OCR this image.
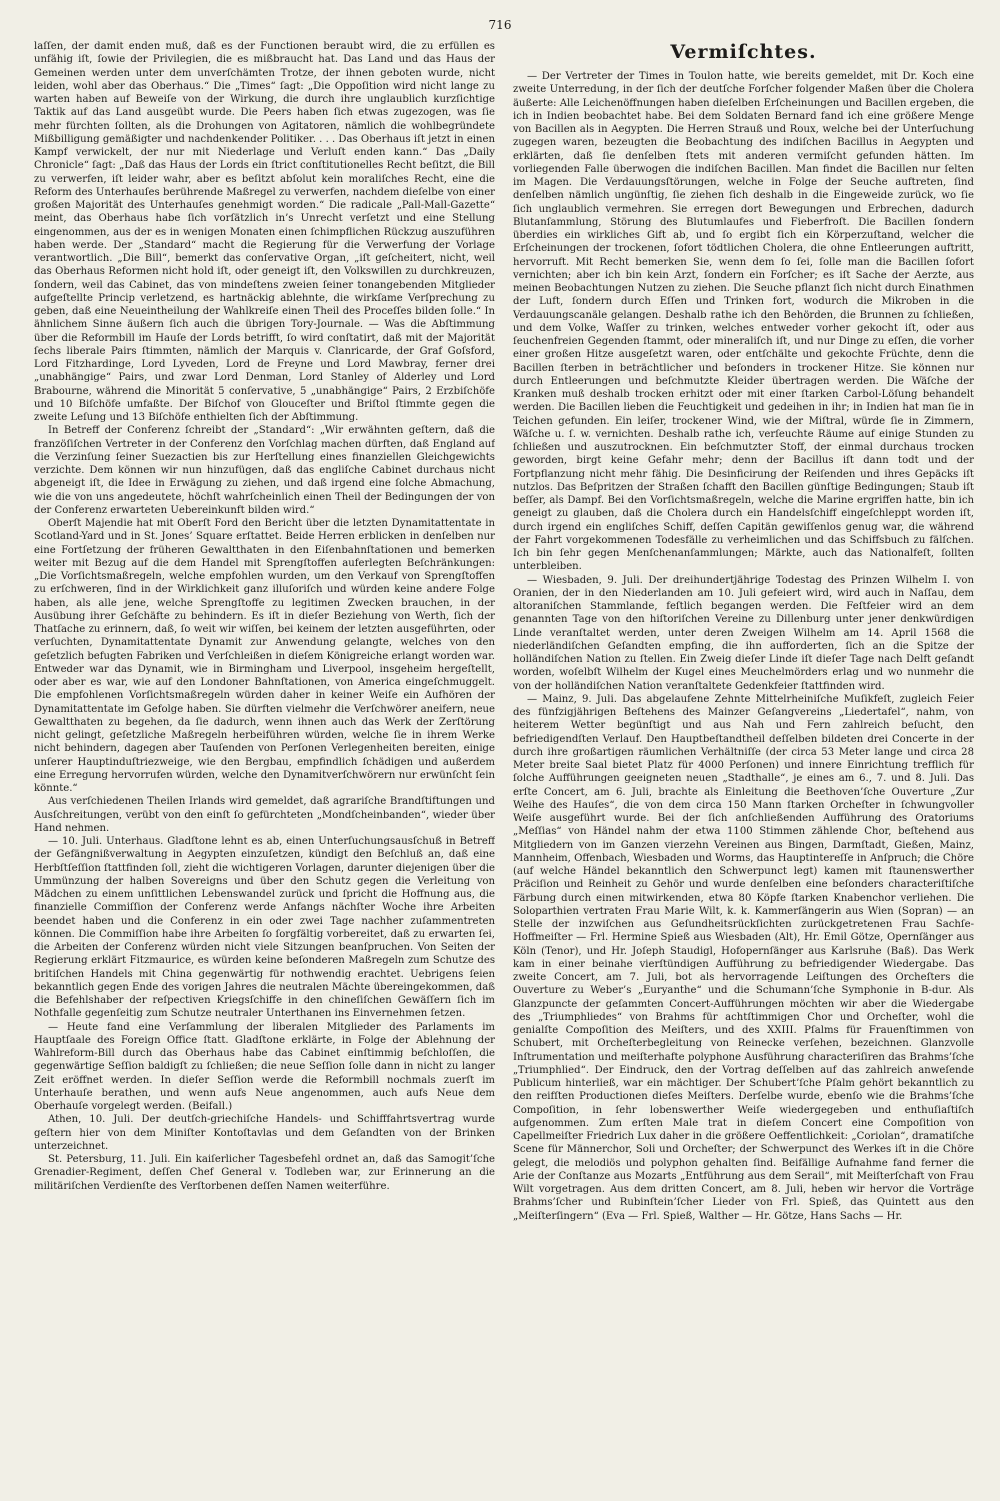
716

laſſen, der damit enden muß, daß es der Functionen beraubt wird, die zu erfüllen es unfähig iſt, ſowie der Privilegien, die es mißbraucht hat. Das Land und das Haus der Gemeinen werden unter dem unverſchämten Trotze, der ihnen geboten wurde, nicht leiden, wohl aber das Oberhaus.“ Die „Times“ ſagt: „Die Oppoſition wird nicht lange zu warten haben auf Beweiſe von der Wirkung, die durch ihre unglaublich kurzſichtige Taktik auf das Land ausgeübt wurde. Die Peers haben ſich etwas zugezogen, was ſie mehr fürchten ſollten, als die Drohungen von Agitatoren, nämlich die wohlbegründete Mißbilligung gemäßigter und nachdenkender Politiker. . . . Das Oberhaus iſt jetzt in einen Kampf verwickelt, der nur mit Niederlage und Verluſt enden kann.“ Das „Daily Chronicle“ ſagt: „Daß das Haus der Lords ein ſtrict conſtitutionelles Recht beſitzt, die Bill zu verwerfen, iſt leider wahr, aber es beſitzt abſolut kein moraliſches Recht, eine die Reform des Unterhauſes berührende Maßregel zu verwerfen, nachdem dieſelbe von einer großen Majorität des Unterhauſes genehmigt worden.“ Die radicale „Pall-Mall-Gazette“ meint, das Oberhaus habe ſich vorſätzlich in’s Unrecht verſetzt und eine Stellung eingenommen, aus der es in wenigen Monaten einen ſchimpflichen Rückzug auszuführen haben werde. Der „Standard“ macht die Regierung für die Verwerfung der Vorlage verantwortlich. „Die Bill“, bemerkt das conſervative Organ, „iſt geſcheitert, nicht, weil das Oberhaus Reformen nicht hold iſt, oder geneigt iſt, den Volkswillen zu durchkreuzen, ſondern, weil das Cabinet, das von mindeſtens zweien ſeiner tonangebenden Mitglieder aufgeſtellte Princip verletzend, es hartnäckig ablehnte, die wirkſame Verſprechung zu geben, daß eine Neueintheilung der Wahlkreiſe einen Theil des Proceſſes bilden ſolle.“ In ähnlichem Sinne äußern ſich auch die übrigen Tory-Journale. — Was die Abſtimmung über die Reformbill im Hauſe der Lords betrifft, ſo wird conſtatirt, daß mit der Majorität ſechs liberale Pairs ſtimmten, nämlich der Marquis v. Clanricarde, der Graf Goſsford, Lord Fitzhardinge, Lord Lyveden, Lord de Freyne und Lord Mawbray, ferner drei „unabhängige“ Pairs, und zwar Lord Denman, Lord Stanley of Alderley und Lord Brabourne, während die Minorität 5 conſervative, 5 „unabhängige“ Pairs, 2 Erzbiſchöfe und 10 Biſchöfe umfaßte. Der Biſchof von Glouceſter und Briſtol ſtimmte gegen die zweite Leſung und 13 Biſchöfe enthielten ſich der Abſtimmung.

In Betreff der Conferenz ſchreibt der „Standard“: „Wir erwähnten geſtern, daß die franzöſiſchen Vertreter in der Conferenz den Vorſchlag machen dürften, daß England auf die Verzinſung ſeiner Suezactien bis zur Herſtellung eines finanziellen Gleichgewichts verzichte. Dem können wir nun hinzufügen, daß das engliſche Cabinet durchaus nicht abgeneigt iſt, die Idee in Erwägung zu ziehen, und daß irgend eine ſolche Abmachung, wie die von uns angedeutete, höchſt wahrſcheinlich einen Theil der Bedingungen der von der Conferenz erwarteten Uebereinkunft bilden wird.“

Oberſt Majendie hat mit Oberſt Ford den Bericht über die letzten Dynamitattentate in Scotland-Yard und in St. Jones’ Square erſtattet. Beide Herren erblicken in denſelben nur eine Fortſetzung der früheren Gewaltthaten in den Eiſenbahnſtationen und bemerken weiter mit Bezug auf die dem Handel mit Sprengſtoffen auferlegten Beſchränkungen: „Die Vorſichtsmaßregeln, welche empfohlen wurden, um den Verkauf von Sprengſtoffen zu erſchweren, ſind in der Wirklichkeit ganz illuſoriſch und würden keine andere Folge haben, als alle jene, welche Sprengſtoffe zu legitimen Zwecken brauchen, in der Ausübung ihrer Geſchäfte zu behindern. Es iſt in dieſer Beziehung von Werth, ſich der Thatſache zu erinnern, daß, ſo weit wir wiſſen, bei keinem der letzten ausgeführten, oder verſuchten, Dynamitattentate Dynamit zur Anwendung gelangte, welches von den geſetzlich befugten Fabriken und Verſchleißen in dieſem Königreiche erlangt worden war. Entweder war das Dynamit, wie in Birmingham und Liverpool, insgeheim hergeſtellt, oder aber es war, wie auf den Londoner Bahnſtationen, von America eingeſchmuggelt. Die empfohlenen Vorſichtsmaßregeln würden daher in keiner Weiſe ein Aufhören der Dynamitattentate im Gefolge haben. Sie dürften vielmehr die Verſchwörer aneifern, neue Gewaltthaten zu begehen, da ſie dadurch, wenn ihnen auch das Werk der Zerſtörung nicht gelingt, geſetzliche Maßregeln herbeiführen würden, welche ſie in ihrem Werke nicht behindern, dagegen aber Tauſenden von Perſonen Verlegenheiten bereiten, einige unſerer Hauptinduſtriezweige, wie den Bergbau, empfindlich ſchädigen und außerdem eine Erregung hervorrufen würden, welche den Dynamitverſchwörern nur erwünſcht ſein könnte.“

Aus verſchiedenen Theilen Irlands wird gemeldet, daß agrariſche Brandſtiftungen und Ausſchreitungen, verübt von den einſt ſo gefürchteten „Mondſcheinbanden“, wieder über Hand nehmen.

— 10. Juli. Unterhaus. Gladſtone lehnt es ab, einen Unterſuchungsausſchuß in Betreff der Gefängnißverwaltung in Aegypten einzuſetzen, kündigt den Beſchluß an, daß eine Herbſtſeſſion ſtattfinden ſoll, zieht die wichtigeren Vorlagen, darunter diejenigen über die Ummünzung der halben Sovereigns und über den Schutz gegen die Verleitung von Mädchen zu einem unſittlichen Lebenswandel zurück und ſpricht die Hoffnung aus, die finanzielle Commiſſion der Conferenz werde Anfangs nächſter Woche ihre Arbeiten beendet haben und die Conferenz in ein oder zwei Tage nachher zuſammentreten können. Die Commiſſion habe ihre Arbeiten ſo ſorgfältig vorbereitet, daß zu erwarten ſei, die Arbeiten der Conferenz würden nicht viele Sitzungen beanſpruchen. Von Seiten der Regierung erklärt Fitzmaurice, es würden keine beſonderen Maßregeln zum Schutze des britiſchen Handels mit China gegenwärtig für nothwendig erachtet. Uebrigens ſeien bekanntlich gegen Ende des vorigen Jahres die neutralen Mächte übereingekommen, daß die Befehlshaber der reſpectiven Kriegsſchiffe in den chineſiſchen Gewäſſern ſich im Nothfalle gegenſeitig zum Schutze neutraler Unterthanen ins Einvernehmen ſetzen.

— Heute fand eine Verſammlung der liberalen Mitglieder des Parlaments im Hauptſaale des Foreign Office ſtatt. Gladſtone erklärte, in Folge der Ablehnung der Wahlreform-Bill durch das Oberhaus habe das Cabinet einſtimmig beſchloſſen, die gegenwärtige Seſſion baldigſt zu ſchließen; die neue Seſſion ſolle dann in nicht zu langer Zeit eröffnet werden. In dieſer Seſſion werde die Reformbill nochmals zuerſt im Unterhauſe berathen, und wenn aufs Neue angenommen, auch aufs Neue dem Oberhauſe vorgelegt werden. (Beifall.)

Athen, 10. Juli. Der deutſch-griechiſche Handels- und Schifffahrtsvertrag wurde geſtern hier von dem Miniſter Kontoſtavlas und dem Geſandten von der Brinken unterzeichnet.

St. Petersburg, 11. Juli. Ein kaiſerlicher Tagesbefehl ordnet an, daß das Samogit’ſche Grenadier-Regiment, deſſen Chef General v. Todleben war, zur Erinnerung an die militäriſchen Verdienſte des Verſtorbenen deſſen Namen weiterführe.

Vermiſchtes.

— Der Vertreter der Times in Toulon hatte, wie bereits gemeldet, mit Dr. Koch eine zweite Unterredung, in der ſich der deutſche Forſcher folgender Maßen über die Cholera äußerte: Alle Leichenöffnungen haben dieſelben Erſcheinungen und Bacillen ergeben, die ich in Indien beobachtet habe. Bei dem Soldaten Bernard fand ich eine größere Menge von Bacillen als in Aegypten. Die Herren Strauß und Roux, welche bei der Unterſuchung zugegen waren, bezeugten die Beobachtung des indiſchen Bacillus in Aegypten und erklärten, daß ſie denſelben ſtets mit anderen vermiſcht gefunden hätten. Im vorliegenden Falle überwogen die indiſchen Bacillen. Man findet die Bacillen nur ſelten im Magen. Die Verdauungsſtörungen, welche in Folge der Seuche auftreten, ſind denſelben nämlich ungünſtig, ſie ziehen ſich deshalb in die Eingeweide zurück, wo ſie ſich unglaublich vermehren. Sie erregen dort Bewegungen und Erbrechen, dadurch Blutanſammlung, Störung des Blutumlaufes und Fieberfroſt. Die Bacillen ſondern überdies ein wirkliches Gift ab, und ſo ergibt ſich ein Körperzuſtand, welcher die Erſcheinungen der trockenen, ſofort tödtlichen Cholera, die ohne Entleerungen auftritt, hervorruft. Mit Recht bemerken Sie, wenn dem ſo ſei, ſolle man die Bacillen ſofort vernichten; aber ich bin kein Arzt, ſondern ein Forſcher; es iſt Sache der Aerzte, aus meinen Beobachtungen Nutzen zu ziehen. Die Seuche pflanzt ſich nicht durch Einathmen der Luft, ſondern durch Eſſen und Trinken fort, wodurch die Mikroben in die Verdauungscanäle gelangen. Deshalb rathe ich den Behörden, die Brunnen zu ſchließen, und dem Volke, Waſſer zu trinken, welches entweder vorher gekocht iſt, oder aus ſeuchenfreien Gegenden ſtammt, oder mineraliſch iſt, und nur Dinge zu eſſen, die vorher einer großen Hitze ausgeſetzt waren, oder entſchälte und gekochte Früchte, denn die Bacillen ſterben in beträchtlicher und beſonders in trockener Hitze. Sie können nur durch Entleerungen und beſchmutzte Kleider übertragen werden. Die Wäſche der Kranken muß deshalb trocken erhitzt oder mit einer ſtarken Carbol-Löſung behandelt werden. Die Bacillen lieben die Feuchtigkeit und gedeihen in ihr; in Indien hat man ſie in Teichen gefunden. Ein leiſer, trockener Wind, wie der Miſtral, würde ſie in Zimmern, Wäſche u. ſ. w. vernichten. Deshalb rathe ich, verſeuchte Räume auf einige Stunden zu ſchließen und auszutrocknen. Ein beſchmutzter Stoff, der einmal durchaus trocken geworden, birgt keine Gefahr mehr; denn der Bacillus iſt dann todt und der Fortpflanzung nicht mehr fähig. Die Desinficirung der Reiſenden und ihres Gepäcks iſt nutzlos. Das Beſpritzen der Straßen ſchafft den Bacillen günſtige Bedingungen; Staub iſt beſſer, als Dampf. Bei den Vorſichtsmaßregeln, welche die Marine ergriffen hatte, bin ich geneigt zu glauben, daß die Cholera durch ein Handelsſchiff eingeſchleppt worden iſt, durch irgend ein engliſches Schiff, deſſen Capitän gewiſſenlos genug war, die während der Fahrt vorgekommenen Todesfälle zu verheimlichen und das Schiffsbuch zu fälſchen. Ich bin ſehr gegen Menſchenanſammlungen; Märkte, auch das Nationalfeſt, ſollten unterbleiben.

— Wiesbaden, 9. Juli. Der dreihundertjährige Todestag des Prinzen Wilhelm I. von Oranien, der in den Niederlanden am 10. Juli gefeiert wird, wird auch in Naſſau, dem altoraniſchen Stammlande, feſtlich begangen werden. Die Feſtfeier wird an dem genannten Tage von den hiſtoriſchen Vereine zu Dillenburg unter jener denkwürdigen Linde veranſtaltet werden, unter deren Zweigen Wilhelm am 14. April 1568 die niederländiſchen Geſandten empfing, die ihn aufforderten, ſich an die Spitze der holländiſchen Nation zu ſtellen. Ein Zweig dieſer Linde iſt dieſer Tage nach Delft geſandt worden, woſelbſt Wilhelm der Kugel eines Meuchelmörders erlag und wo nunmehr die von der holländiſchen Nation veranſtaltete Gedenkfeier ſtattfinden wird.

— Mainz, 9. Juli. Das abgelaufene Zehnte Mittelrheiniſche Muſikfeſt, zugleich Feier des fünfzigjährigen Beſtehens des Mainzer Geſangvereins „Liedertafel“, nahm, von heiterem Wetter begünſtigt und aus Nah und Fern zahlreich beſucht, den befriedigendſten Verlauf. Den Hauptbeſtandtheil deſſelben bildeten drei Concerte in der durch ihre großartigen räumlichen Verhältniſſe (der circa 53 Meter lange und circa 28 Meter breite Saal bietet Platz für 4000 Perſonen) und innere Einrichtung trefflich für ſolche Aufführungen geeigneten neuen „Stadthalle“, je eines am 6., 7. und 8. Juli. Das erſte Concert, am 6. Juli, brachte als Einleitung die Beethoven’ſche Ouverture „Zur Weihe des Hauſes“, die von dem circa 150 Mann ſtarken Orcheſter in ſchwungvoller Weiſe ausgeführt wurde. Bei der ſich anſchließenden Aufführung des Oratoriums „Meſſias“ von Händel nahm der etwa 1100 Stimmen zählende Chor, beſtehend aus Mitgliedern von im Ganzen vierzehn Vereinen aus Bingen, Darmſtadt, Gießen, Mainz, Mannheim, Offenbach, Wiesbaden und Worms, das Hauptintereſſe in Anſpruch; die Chöre (auf welche Händel bekanntlich den Schwerpunct legt) kamen mit ſtaunenswerther Präciſion und Reinheit zu Gehör und wurde denſelben eine beſonders characteriſtiſche Färbung durch einen mitwirkenden, etwa 80 Köpfe ſtarken Knabenchor verliehen. Die Soloparthien vertraten Frau Marie Wilt, k. k. Kammerſängerin aus Wien (Sopran) — an Stelle der inzwiſchen aus Geſundheitsrückſichten zurückgetretenen Frau Sachſe-Hoffmeiſter — Frl. Hermine Spieß aus Wiesbaden (Alt), Hr. Emil Götze, Opernſänger aus Köln (Tenor), und Hr. Joſeph Staudigl, Hofopernſänger aus Karlsruhe (Baß). Das Werk kam in einer beinahe vierſtündigen Aufführung zu befriedigender Wiedergabe. Das zweite Concert, am 7. Juli, bot als hervorragende Leiſtungen des Orcheſters die Ouverture zu Weber’s „Euryanthe“ und die Schumann’ſche Symphonie in B-dur. Als Glanzpuncte der geſammten Concert-Aufführungen möchten wir aber die Wiedergabe des „Triumphliedes“ von Brahms für achtſtimmigen Chor und Orcheſter, wohl die genialſte Compoſition des Meiſters, und des XXIII. Pſalms für Frauenſtimmen von Schubert, mit Orcheſterbegleitung von Reinecke verſehen, bezeichnen. Glanzvolle Inſtrumentation und meiſterhafte polyphone Ausführung characteriſiren das Brahms’ſche „Triumphlied“. Der Eindruck, den der Vortrag deſſelben auf das zahlreich anweſende Publicum hinterließ, war ein mächtiger. Der Schubert’ſche Pſalm gehört bekanntlich zu den reifſten Productionen dieſes Meiſters. Derſelbe wurde, ebenſo wie die Brahms’ſche Compoſition, in ſehr lobenswerther Weiſe wiedergegeben und enthuſiaſtiſch aufgenommen. Zum erſten Male trat in dieſem Concert eine Compoſition von Capellmeiſter Friedrich Lux daher in die größere Oeffentlichkeit: „Coriolan“, dramatiſche Scene für Männerchor, Soli und Orcheſter; der Schwerpunct des Werkes iſt in die Chöre gelegt, die melodiös und polyphon gehalten ſind. Beifällige Aufnahme fand ferner die Arie der Conſtanze aus Mozarts „Entführung aus dem Serail“, mit Meiſterſchaft von Frau Wilt vorgetragen. Aus dem dritten Concert, am 8. Juli, heben wir hervor die Vorträge Brahms’ſcher und Rubinſtein’ſcher Lieder von Frl. Spieß, das Quintett aus den „Meiſterſingern“ (Eva — Frl. Spieß, Walther — Hr. Götze, Hans Sachs — Hr.
